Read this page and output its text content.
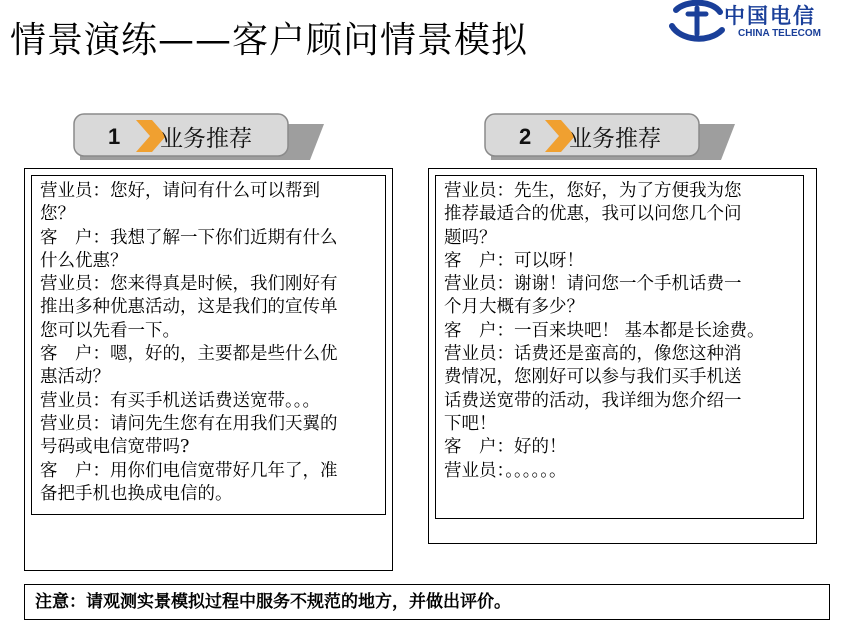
情景演练——客户顾问情景模拟
中国电信
CHINA TELECOM
1 业务推荐	2 业务推荐
营业员：您好，请问有什么可以帮到
您？
客　户：我想了解一下你们近期有什么
什么优惠？
营业员：您来得真是时候，我们刚好有
推出多种优惠活动，这是我们的宣传单
您可以先看一下。
客　户：嗯，好的，主要都是些什么优
惠活动？
营业员：有买手机送话费送宽带。。。
营业员：请问先生您有在用我们天翼的
号码或电信宽带吗?
客　户：用你们电信宽带好几年了，准
备把手机也换成电信的。
营业员：先生，您好，为了方便我为您
推荐最适合的优惠，我可以问您几个问
题吗？
客　户：可以呀！
营业员：谢谢！请问您一个手机话费一
个月大概有多少？
客　户：一百来块吧！ 基本都是长途费。
营业员：话费还是蛮高的，像您这种消
费情况，您刚好可以参与我们买手机送
话费送宽带的活动，我详细为您介绍一
下吧！
客　户：好的！
营业员：。。。。。。
注意：请观测实景模拟过程中服务不规范的地方，并做出评价。
